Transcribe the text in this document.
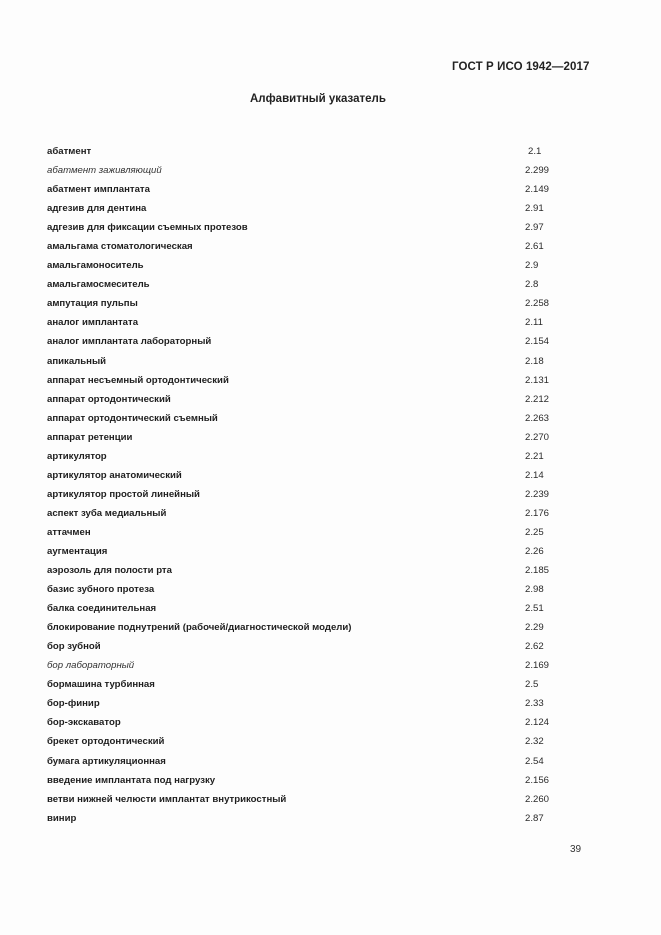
ГОСТ Р ИСО 1942—2017
Алфавитный указатель
абатмент	2.1
абатмент заживляющий	2.299
абатмент имплантата	2.149
адгезив для дентина	2.91
адгезив для фиксации съемных протезов	2.97
амальгама стоматологическая	2.61
амальгамоноситель	2.9
амальгамосмеситель	2.8
ампутация пульпы	2.258
аналог имплантата	2.11
аналог имплантата лабораторный	2.154
апикальный	2.18
аппарат несъемный ортодонтический	2.131
аппарат ортодонтический	2.212
аппарат ортодонтический съемный	2.263
аппарат ретенции	2.270
артикулятор	2.21
артикулятор анатомический	2.14
артикулятор простой линейный	2.239
аспект зуба медиальный	2.176
аттачмен	2.25
аугментация	2.26
аэрозоль для полости рта	2.185
базис зубного протеза	2.98
балка соединительная	2.51
блокирование поднутрений (рабочей/диагностической модели)	2.29
бор зубной	2.62
бор лабораторный	2.169
бормашина турбинная	2.5
бор-финир	2.33
бор-экскаватор	2.124
брекет ортодонтический	2.32
бумага артикуляционная	2.54
введение имплантата под нагрузку	2.156
ветви нижней челюсти имплантат внутрикостный	2.260
винир	2.87
39
